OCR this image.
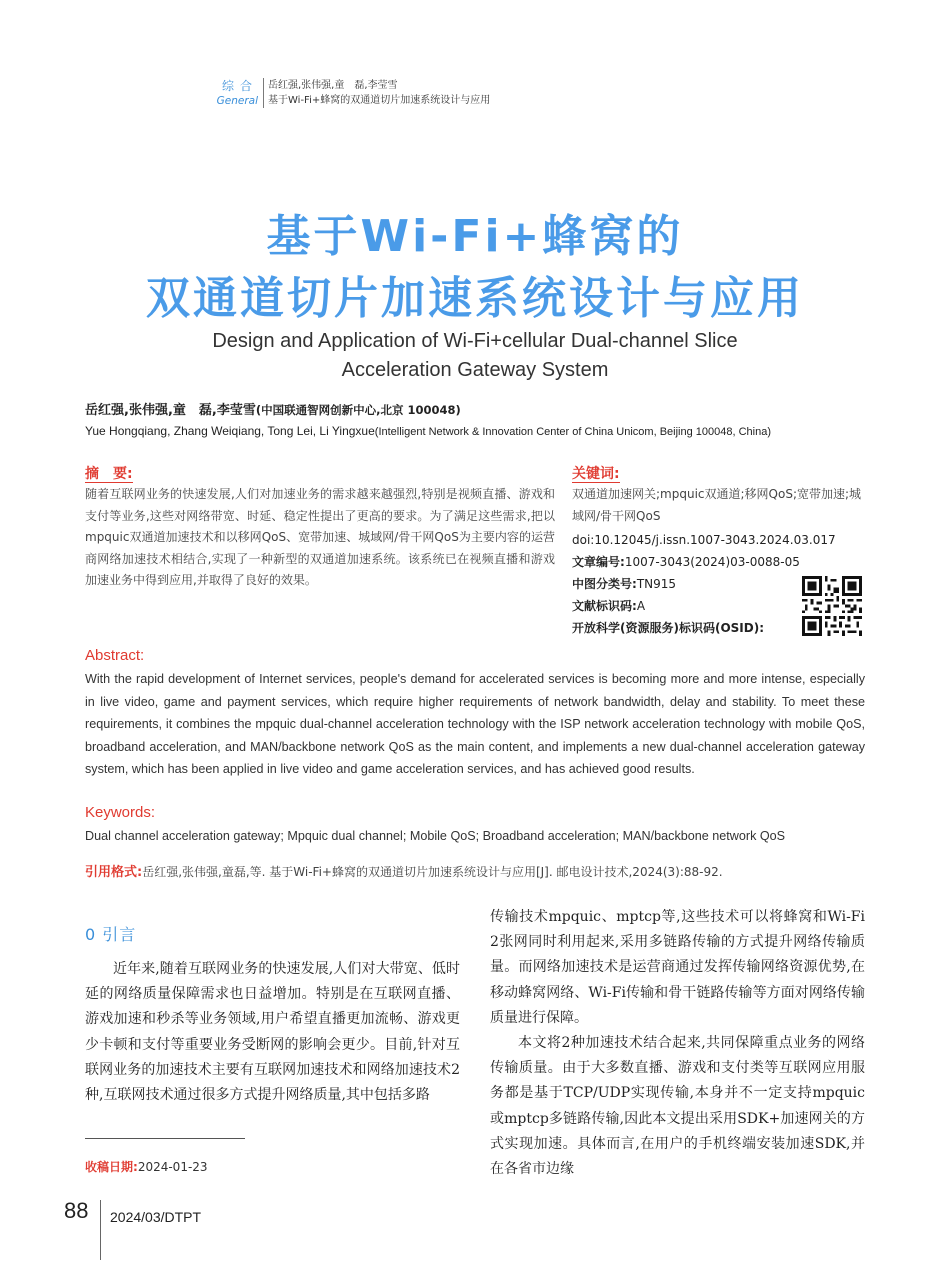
综合
General
岳红强,张伟强,童　磊,李莹雪
基于Wi-Fi+蜂窝的双通道切片加速系统设计与应用
基于Wi-Fi+蜂窝的
双通道切片加速系统设计与应用
Design and Application of Wi-Fi+cellular Dual-channel Slice
Acceleration Gateway System
岳红强,张伟强,童　磊,李莹雪(中国联通智网创新中心,北京 100048)
Yue Hongqiang, Zhang Weiqiang, Tong Lei, Li Yingxue(Intelligent Network & Innovation Center of China Unicom, Beijing 100048, China)
摘　要:
随着互联网业务的快速发展,人们对加速业务的需求越来越强烈,特别是视频直播、游戏和支付等业务,这些对网络带宽、时延、稳定性提出了更高的要求。为了满足这些需求,把以mpquic双通道加速技术和以移网QoS、宽带加速、城域网/骨干网QoS为主要内容的运营商网络加速技术相结合,实现了一种新型的双通道加速系统。该系统已在视频直播和游戏加速业务中得到应用,并取得了良好的效果。
关键词:
双通道加速网关;mpquic双通道;移网QoS;宽带加速;城域网/骨干网QoS
doi:10.12045/j.issn.1007-3043.2024.03.017
文章编号:1007-3043(2024)03-0088-05
中图分类号:TN915
文献标识码:A
开放科学(资源服务)标识码(OSID):
Abstract:
With the rapid development of Internet services, people's demand for accelerated services is becoming more and more intense, especially in live video, game and payment services, which require higher requirements of network bandwidth, delay and stability. To meet these requirements, it combines the mpquic dual-channel acceleration technology with the ISP network acceleration technology with mobile QoS, broadband acceleration, and MAN/backbone network QoS as the main content, and implements a new dual-channel acceleration gateway system, which has been applied in live video and game acceleration services, and has achieved good results.
Keywords:
Dual channel acceleration gateway; Mpquic dual channel; Mobile QoS; Broadband acceleration; MAN/backbone network QoS
引用格式:岳红强,张伟强,童磊,等. 基于Wi-Fi+蜂窝的双通道切片加速系统设计与应用[J]. 邮电设计技术,2024(3):88-92.
0 引言

近年来,随着互联网业务的快速发展,人们对大带宽、低时延的网络质量保障需求也日益增加。特别是在互联网直播、游戏加速和秒杀等业务领域,用户希望直播更加流畅、游戏更少卡顿和支付等重要业务受断网的影响会更少。目前,针对互联网业务的加速技术主要有互联网加速技术和网络加速技术2种,互联网技术通过很多方式提升网络质量,其中包括多路

传输技术mpquic、mptcp等,这些技术可以将蜂窝和Wi-Fi 2张网同时利用起来,采用多链路传输的方式提升网络传输质量。而网络加速技术是运营商通过发挥传输网络资源优势,在移动蜂窝网络、Wi-Fi传输和骨干链路传输等方面对网络传输质量进行保障。

本文将2种加速技术结合起来,共同保障重点业务的网络传输质量。由于大多数直播、游戏和支付类等互联网应用服务都是基于TCP/UDP实现传输,本身并不一定支持mpquic或mptcp多链路传输,因此本文提出采用SDK+加速网关的方式实现加速。具体而言,在用户的手机终端安装加速SDK,并在各省市边缘

收稿日期:2024-01-23
88 2024/03/DTPT
